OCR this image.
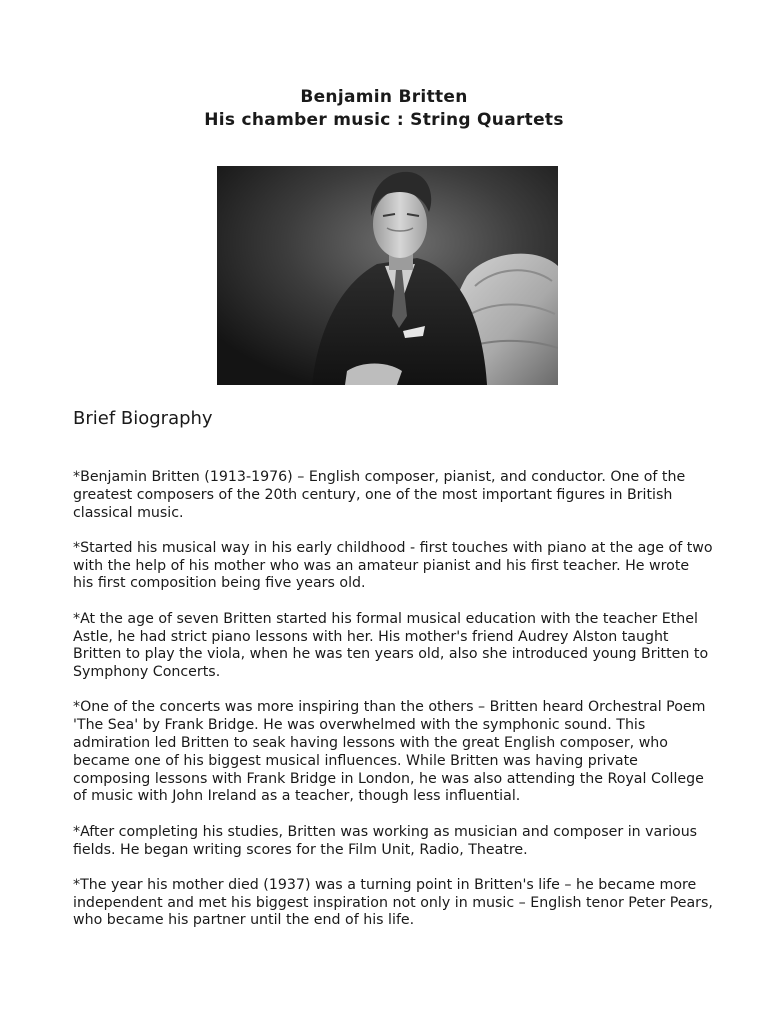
Benjamin Britten
His chamber music : String Quartets
Brief Biography

*Benjamin Britten (1913-1976) – English composer, pianist, and conductor. One of the greatest composers of the 20th century, one of the most important figures in British classical music.

*Started his musical way in his early childhood - first touches with piano at the age of two with the help of his mother who was an amateur pianist and his first teacher. He wrote his first composition being five years old.

*At the age of seven Britten started his formal musical education with the teacher Ethel Astle, he had strict piano lessons with her. His mother's friend Audrey Alston taught Britten to play the viola, when he was ten years old, also she introduced young Britten to Symphony Concerts.

*One of the concerts was more inspiring than the others – Britten heard Orchestral Poem 'The Sea' by Frank Bridge. He was overwhelmed with the symphonic sound. This admiration led Britten to seak having lessons with the great English composer, who became one of his biggest musical influences. While Britten was having private composing lessons with Frank Bridge in London, he was also attending the Royal College of music with John Ireland as a teacher, though less influential.

*After completing his studies, Britten was working as musician and composer in various fields. He began writing scores for the Film Unit, Radio, Theatre.

*The year his mother died (1937) was a turning point in Britten's life – he became more independent and met his biggest inspiration not only in music – English tenor Peter Pears, who became his partner until the end of his life.
